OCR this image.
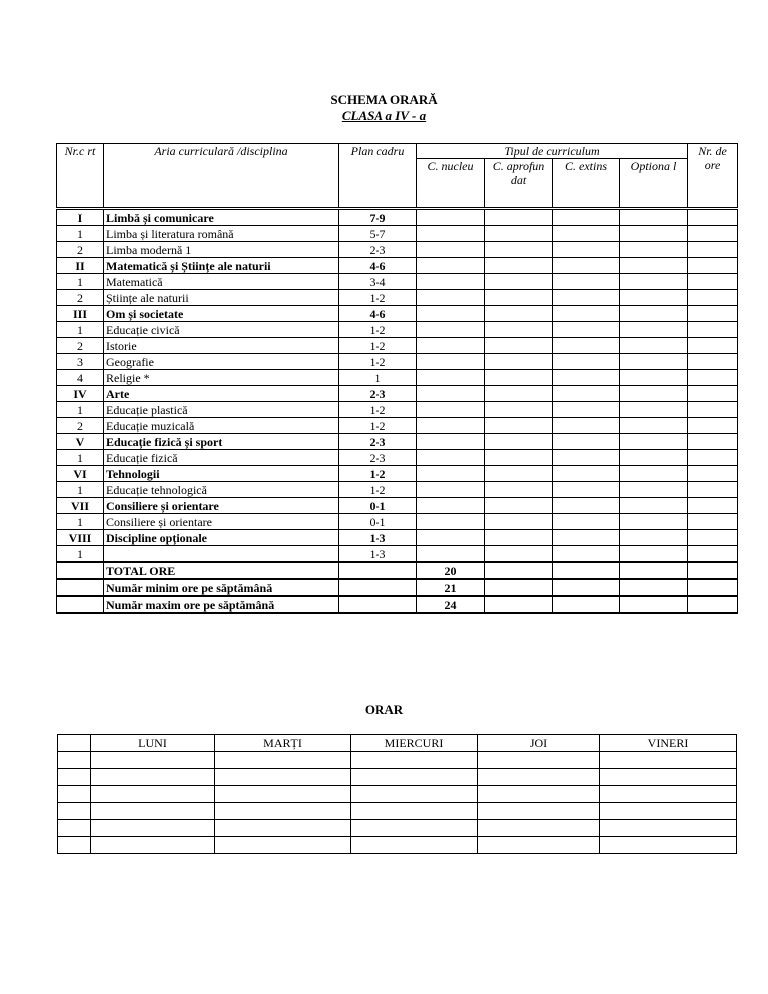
SCHEMA ORARĂ
CLASA a IV - a
Nr.c rt	Aria curriculară /disciplina	Plan cadru	Tipul de curriculum				Nr. de ore
			C. nucleu	C. aprofun dat	C. extins	Optiona l	
I	Limbă și comunicare	7-9					
1	Limba și literatura română	5-7					
2	Limba modernă 1	2-3					
II	Matematică și Științe ale naturii	4-6					
1	Matematică	3-4					
2	Științe ale naturii	1-2					
III	Om și societate	4-6					
1	Educație civică	1-2					
2	Istorie	1-2					
3	Geografie	1-2					
4	Religie *	1					
IV	Arte	2-3					
1	Educație plastică	1-2					
2	Educație muzicală	1-2					
V	Educație fizică și sport	2-3					
1	Educație fizică	2-3					
VI	Tehnologii	1-2					
1	Educație tehnologică	1-2					
VII	Consiliere și orientare	0-1					
1	Consiliere și orientare	0-1					
VIII	Discipline opționale	1-3					
1		1-3					
	TOTAL ORE		20				
	Număr minim ore pe săptămână		21				
	Număr maxim ore pe săptămână		24				
ORAR
	LUNI	MARȚI	MIERCURI	JOI	VINERI
